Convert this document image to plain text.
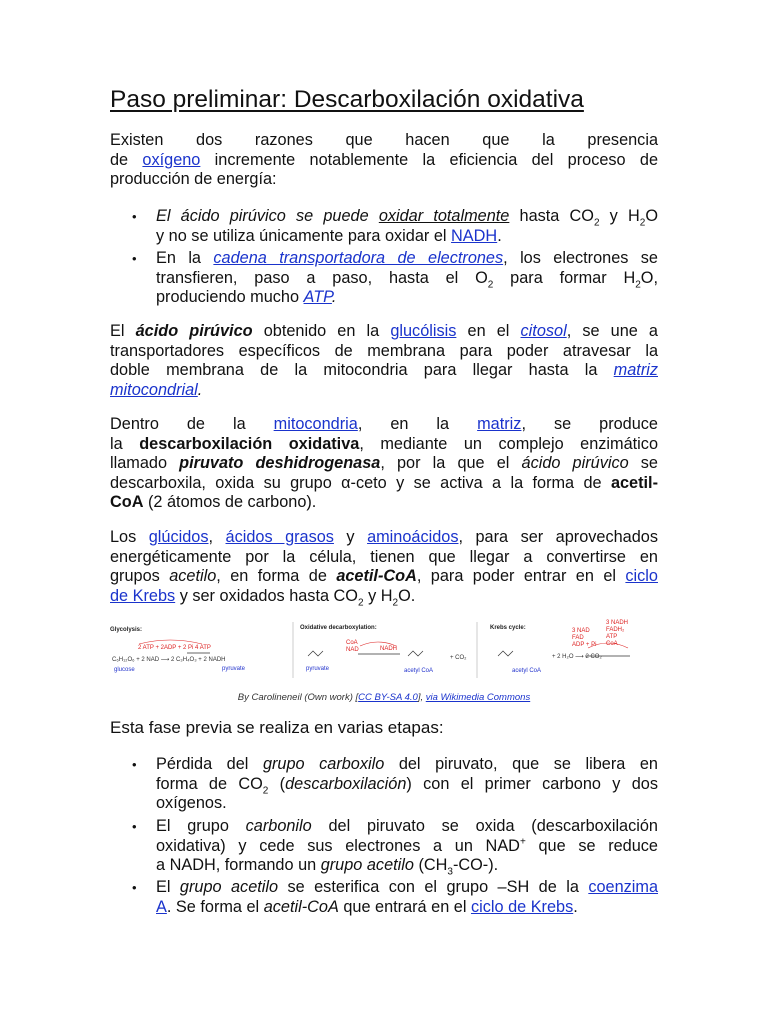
Paso preliminar: Descarboxilación oxidativa
Existen dos razones que hacen que la presencia
de oxígeno incremente notablemente la eficiencia del proceso de
producción de energía:
• El ácido pirúvico se puede oxidar totalmente hasta $CO_2$ y $H_2O$
y no se utiliza únicamente para oxidar el NADH.
• En la cadena transportadora de electrones, los electrones se
transfieren, paso a paso, hasta el $O_2$ para formar $H_2O$,
produciendo mucho ATP.
El ácido pirúvico obtenido en la glucólisis en el citosol, se une a
transportadores específicos de membrana para poder atravesar la
doble membrana de la mitocondria para llegar hasta la matriz
mitocondrial.
Dentro de la mitocondria, en la matriz, se produce
la descarboxilación oxidativa, mediante un complejo enzimático
llamado piruvato deshidrogenasa, por la que el ácido pirúvico se
descarboxila, oxida su grupo α-ceto y se activa a la forma de acetil-
CoA (2 átomos de carbono).
Los glúcidos, ácidos grasos y aminoácidos, para ser aprovechados
energéticamente por la célula, tienen que llegar a convertirse en
grupos acetilo, en forma de acetil-CoA, para poder entrar en el ciclo
de Krebs y ser oxidados hasta $CO_2$ y $H_2O$.
Glycolysis:
2 ATP + 2ADP + 2 Pi 4 ATP
C₆H₁₂O₆ + 2 NAD ⟶ 2 C₃H₄O₃ + 2 NADH
glucose	pyruvate
Oxidative decarboxylation:
CoA
NAD	NADH
+ CO₂
pyruvate	acetyl CoA
Krebs cycle:	3 NAD
FAD
ADP + Pi
3 NADH
FADH₂
ATP
CoA
+ 2 H₂O ⟶ 2 CO₂
acetyl CoA
By Carolineneil (Own work) [CC BY-SA 4.0], via Wikimedia Commons
Esta fase previa se realiza en varias etapas:
• Pérdida del grupo carboxilo del piruvato, que se libera en
forma de $CO_2$ (descarboxilación) con el primer carbono y dos
oxígenos.
• El grupo carbonilo del piruvato se oxida (descarboxilación
oxidativa) y cede sus electrones a un NAD+ que se reduce
a NADH, formando un grupo acetilo $(CH_3-CO-)$.
• El grupo acetilo se esterifica con el grupo –SH de la coenzima
A. Se forma el acetil-CoA que entrará en el ciclo de Krebs.
